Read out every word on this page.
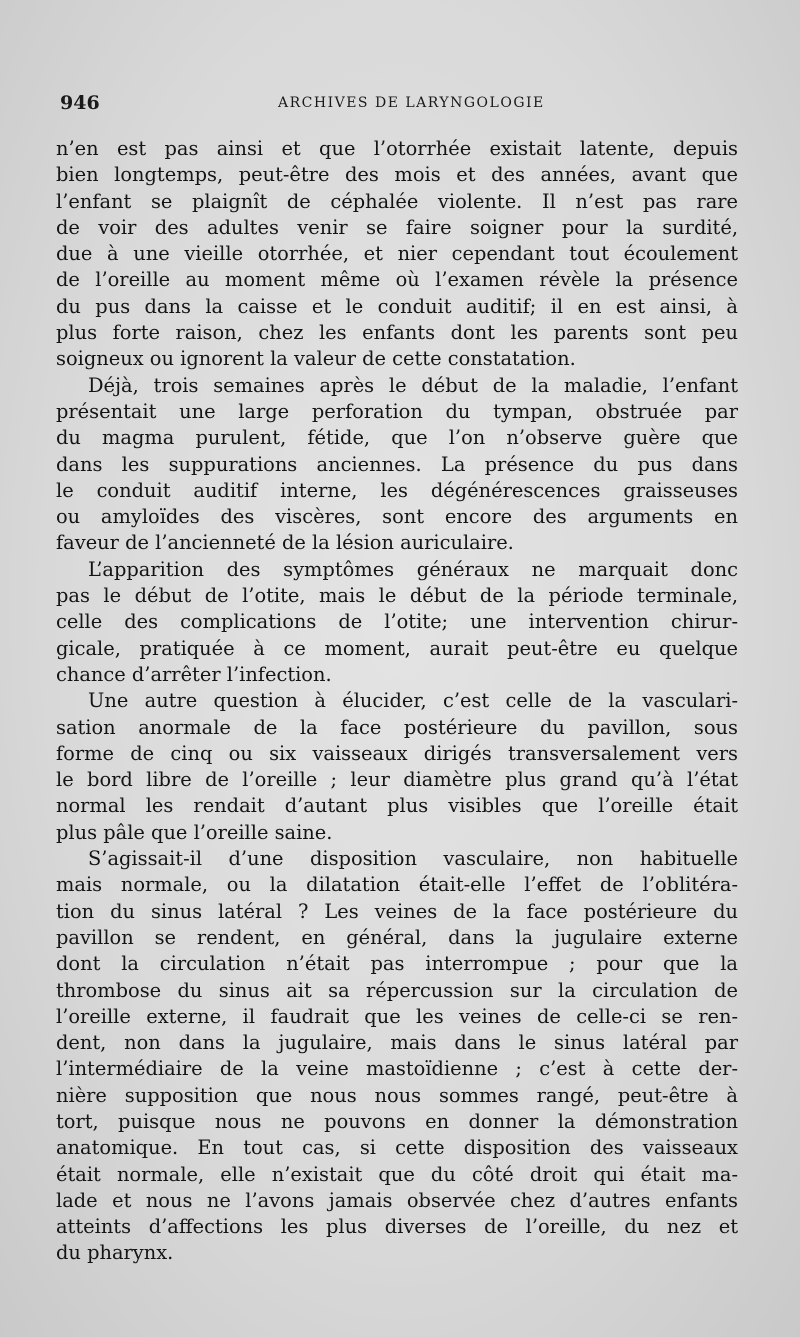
946	ARCHIVES DE LARYNGOLOGIE
n’en est pas ainsi et que l’otorrhée existait latente, depuis
bien longtemps, peut-être des mois et des années, avant que
l’enfant se plaignît de céphalée violente. Il n’est pas rare
de voir des adultes venir se faire soigner pour la surdité,
due à une vieille otorrhée, et nier cependant tout écoulement
de l’oreille au moment même où l’examen révèle la présence
du pus dans la caisse et le conduit auditif; il en est ainsi, à
plus forte raison, chez les enfants dont les parents sont peu
soigneux ou ignorent la valeur de cette constatation.
Déjà, trois semaines après le début de la maladie, l’enfant
présentait une large perforation du tympan, obstruée par
du magma purulent, fétide, que l’on n’observe guère que
dans les suppurations anciennes. La présence du pus dans
le conduit auditif interne, les dégénérescences graisseuses
ou amyloïdes des viscères, sont encore des arguments en
faveur de l’ancienneté de la lésion auriculaire.
L’apparition des symptômes généraux ne marquait donc
pas le début de l’otite, mais le début de la période terminale,
celle des complications de l’otite; une intervention chirur-
gicale, pratiquée à ce moment, aurait peut-être eu quelque
chance d’arrêter l’infection.
Une autre question à élucider, c’est celle de la vasculari-
sation anormale de la face postérieure du pavillon, sous
forme de cinq ou six vaisseaux dirigés transversalement vers
le bord libre de l’oreille ; leur diamètre plus grand qu’à l’état
normal les rendait d’autant plus visibles que l’oreille était
plus pâle que l’oreille saine.
S’agissait-il d’une disposition vasculaire, non habituelle
mais normale, ou la dilatation était-elle l’effet de l’oblitéra-
tion du sinus latéral ? Les veines de la face postérieure du
pavillon se rendent, en général, dans la jugulaire externe
dont la circulation n’était pas interrompue ; pour que la
thrombose du sinus ait sa répercussion sur la circulation de
l’oreille externe, il faudrait que les veines de celle-ci se ren-
dent, non dans la jugulaire, mais dans le sinus latéral par
l’intermédiaire de la veine mastoïdienne ; c’est à cette der-
nière supposition que nous nous sommes rangé, peut-être à
tort, puisque nous ne pouvons en donner la démonstration
anatomique. En tout cas, si cette disposition des vaisseaux
était normale, elle n’existait que du côté droit qui était ma-
lade et nous ne l’avons jamais observée chez d’autres enfants
atteints d’affections les plus diverses de l’oreille, du nez et
du pharynx.
